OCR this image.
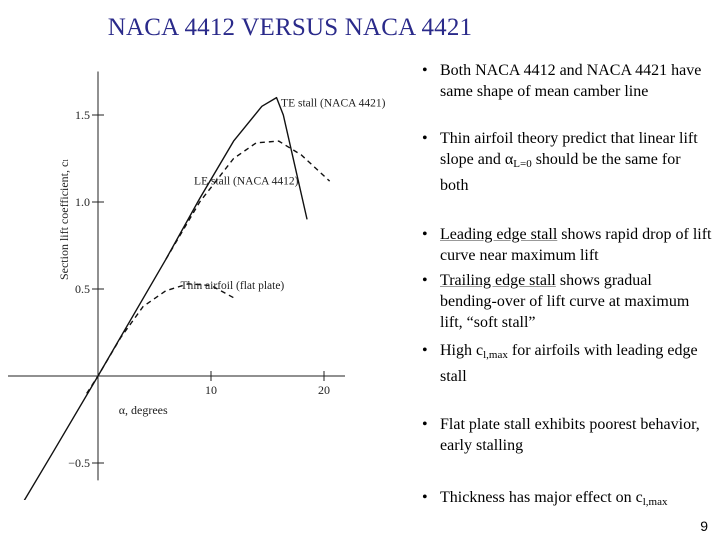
NACA 4412 VERSUS NACA 4421
1.5
1.0
0.5
−0.5
10	20
α, degrees
Section lift coefficient, cₗ
TE stall (NACA 4421)
LE stall (NACA 4412)
Thin airfoil (flat plate)
• Both NACA 4412 and NACA 4421 have same shape of mean camber line
• Thin airfoil theory predict that linear lift slope and $\alpha_{L=0}$ should be the same for both
• Leading edge stall shows rapid drop of lift curve near maximum lift
• Trailing edge stall shows gradual bending-over of lift curve at maximum lift, “soft stall”
• High $c_{l,max}$ for airfoils with leading edge stall
• Flat plate stall exhibits poorest behavior, early stalling
• Thickness has major effect on $c_{l,max}$
9
